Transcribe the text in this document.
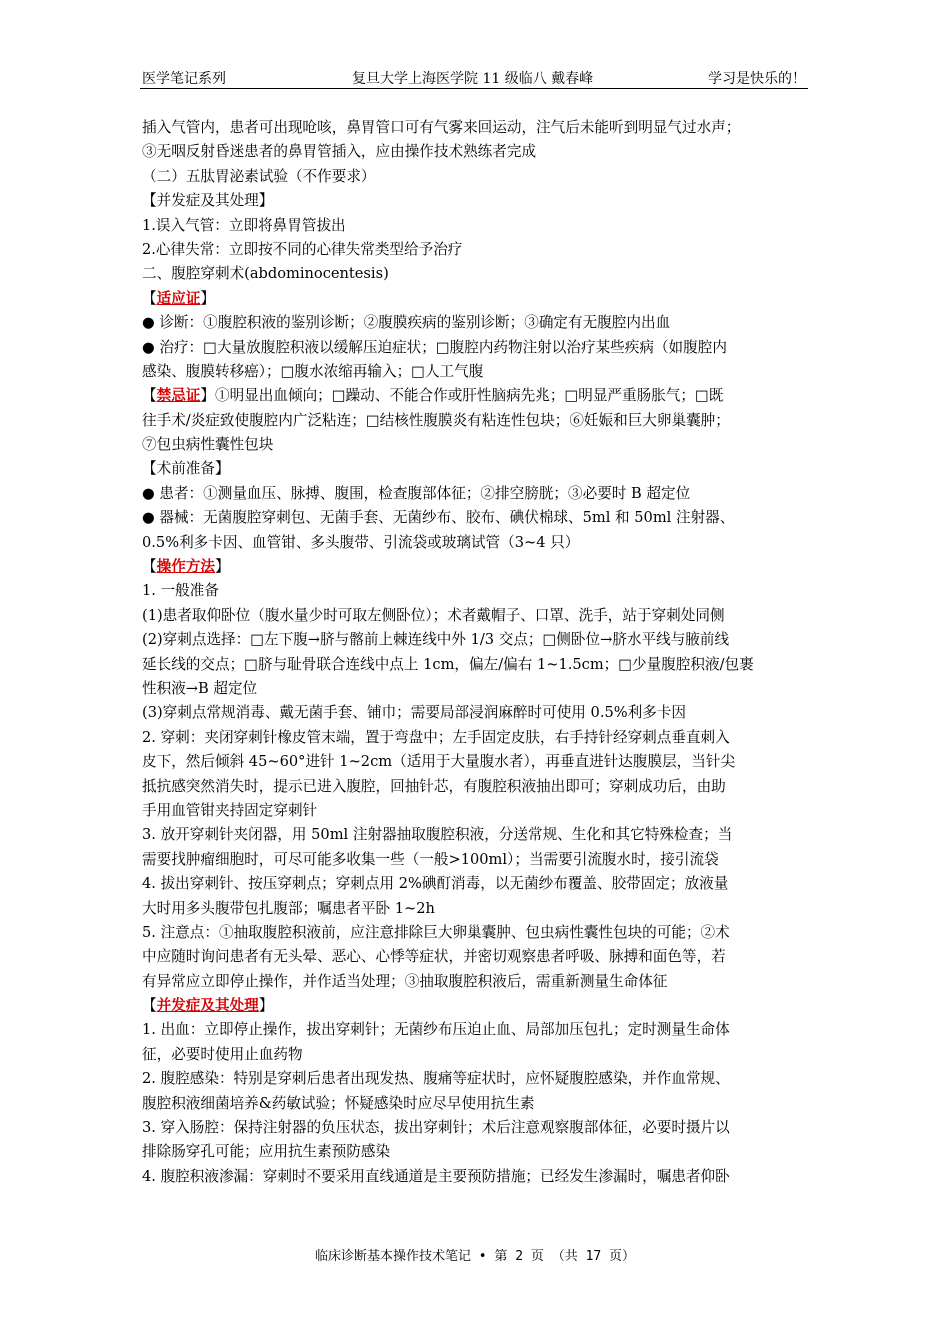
医学笔记系列	复旦大学上海医学院 11 级临八 戴春峰	学习是快乐的！
插入气管内，患者可出现呛咳，鼻胃管口可有气雾来回运动，注气后未能听到明显气过水声；
③无咽反射昏迷患者的鼻胃管插入，应由操作技术熟练者完成
（二）五肽胃泌素试验（不作要求）
【并发症及其处理】
1.误入气管：立即将鼻胃管拔出
2.心律失常：立即按不同的心律失常类型给予治疗
二、腹腔穿刺术(abdominocentesis)
【适应证】
● 诊断：①腹腔积液的鉴别诊断；②腹膜疾病的鉴别诊断；③确定有无腹腔内出血
● 治疗：□大量放腹腔积液以缓解压迫症状；□腹腔内药物注射以治疗某些疾病（如腹腔内
感染、腹膜转移癌）；□腹水浓缩再输入；□人工气腹
【禁忌证】①明显出血倾向；□躁动、不能合作或肝性脑病先兆；□明显严重肠胀气；□既
往手术/炎症致使腹腔内广泛粘连；□结核性腹膜炎有粘连性包块；⑥妊娠和巨大卵巢囊肿；
⑦包虫病性囊性包块
【术前准备】
● 患者：①测量血压、脉搏、腹围，检查腹部体征；②排空膀胱；③必要时 B 超定位
● 器械：无菌腹腔穿刺包、无菌手套、无菌纱布、胶布、碘伏棉球、5ml 和 50ml 注射器、
0.5%利多卡因、血管钳、多头腹带、引流袋或玻璃试管（3~4 只）
【操作方法】
1. 一般准备
(1)患者取仰卧位（腹水量少时可取左侧卧位）；术者戴帽子、口罩、洗手，站于穿刺处同侧
(2)穿刺点选择：□左下腹→脐与髂前上棘连线中外 1/3 交点；□侧卧位→脐水平线与腋前线
延长线的交点；□脐与耻骨联合连线中点上 1cm，偏左/偏右 1~1.5cm；□少量腹腔积液/包裹
性积液→B 超定位
(3)穿刺点常规消毒、戴无菌手套、铺巾；需要局部浸润麻醉时可使用 0.5%利多卡因
2. 穿刺：夹闭穿刺针橡皮管末端，置于弯盘中；左手固定皮肤，右手持针经穿刺点垂直刺入
皮下，然后倾斜 45~60°进针 1~2cm（适用于大量腹水者），再垂直进针达腹膜层，当针尖
抵抗感突然消失时，提示已进入腹腔，回抽针芯，有腹腔积液抽出即可；穿刺成功后，由助
手用血管钳夹持固定穿刺针
3. 放开穿刺针夹闭器，用 50ml 注射器抽取腹腔积液，分送常规、生化和其它特殊检查；当
需要找肿瘤细胞时，可尽可能多收集一些（一般>100ml）；当需要引流腹水时，接引流袋
4. 拔出穿刺针、按压穿刺点；穿刺点用 2%碘酊消毒，以无菌纱布覆盖、胶带固定；放液量
大时用多头腹带包扎腹部；嘱患者平卧 1~2h
5. 注意点：①抽取腹腔积液前，应注意排除巨大卵巢囊肿、包虫病性囊性包块的可能；②术
中应随时询问患者有无头晕、恶心、心悸等症状，并密切观察患者呼吸、脉搏和面色等，若
有异常应立即停止操作，并作适当处理；③抽取腹腔积液后，需重新测量生命体征
【并发症及其处理】
1. 出血：立即停止操作，拔出穿刺针；无菌纱布压迫止血、局部加压包扎；定时测量生命体
征，必要时使用止血药物
2. 腹腔感染：特别是穿刺后患者出现发热、腹痛等症状时，应怀疑腹腔感染，并作血常规、
腹腔积液细菌培养&药敏试验；怀疑感染时应尽早使用抗生素
3. 穿入肠腔：保持注射器的负压状态，拔出穿刺针；术后注意观察腹部体征，必要时摄片以
排除肠穿孔可能；应用抗生素预防感染
4. 腹腔积液渗漏：穿刺时不要采用直线通道是主要预防措施；已经发生渗漏时，嘱患者仰卧
临床诊断基本操作技术笔记 • 第 2 页 （共 17 页）
